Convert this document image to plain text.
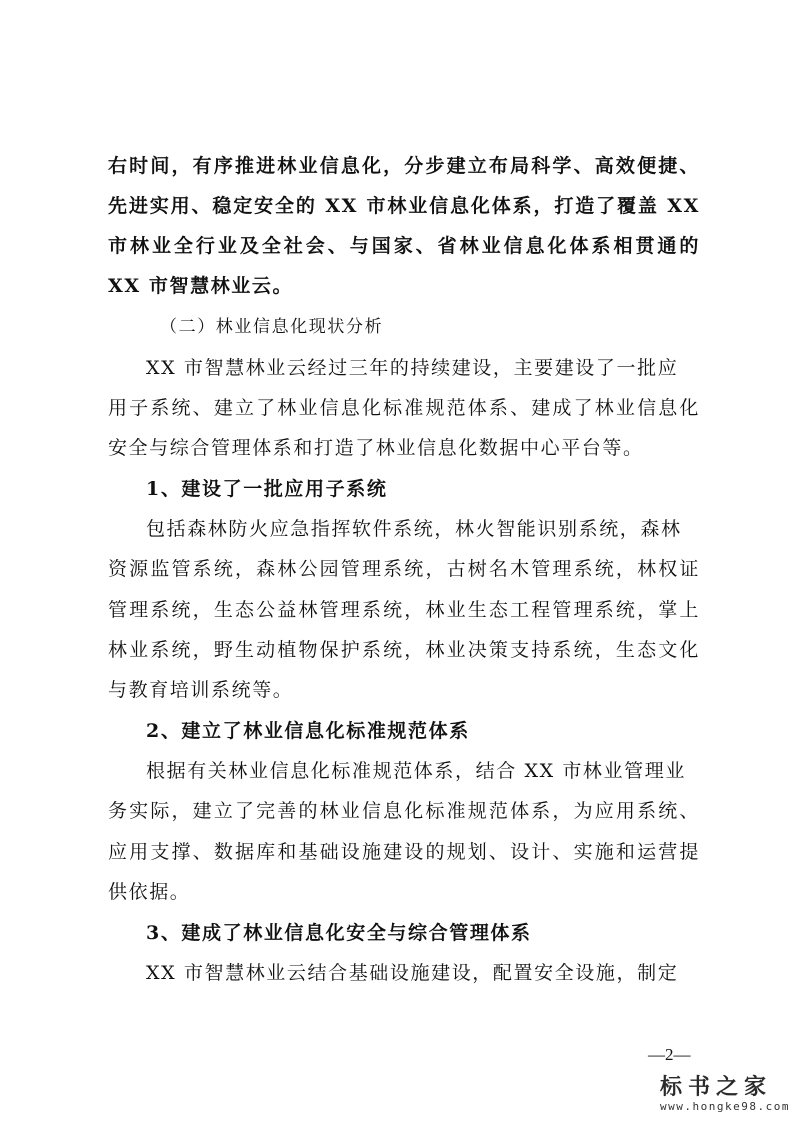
右时间，有序推进林业信息化，分步建立布局科学、高效便捷、
先进实用、稳定安全的 XX 市林业信息化体系，打造了覆盖 XX
市林业全行业及全社会、与国家、省林业信息化体系相贯通的
XX 市智慧林业云。
（二）林业信息化现状分析
XX 市智慧林业云经过三年的持续建设，主要建设了一批应
用子系统、建立了林业信息化标准规范体系、建成了林业信息化
安全与综合管理体系和打造了林业信息化数据中心平台等。
1、建设了一批应用子系统
包括森林防火应急指挥软件系统，林火智能识别系统，森林
资源监管系统，森林公园管理系统，古树名木管理系统，林权证
管理系统，生态公益林管理系统，林业生态工程管理系统，掌上
林业系统，野生动植物保护系统，林业决策支持系统，生态文化
与教育培训系统等。
2、建立了林业信息化标准规范体系
根据有关林业信息化标准规范体系，结合 XX 市林业管理业
务实际，建立了完善的林业信息化标准规范体系，为应用系统、
应用支撑、数据库和基础设施建设的规划、设计、实施和运营提
供依据。
3、建成了林业信息化安全与综合管理体系
XX 市智慧林业云结合基础设施建设，配置安全设施，制定
—2—
标书之家
www.hongke98.com
